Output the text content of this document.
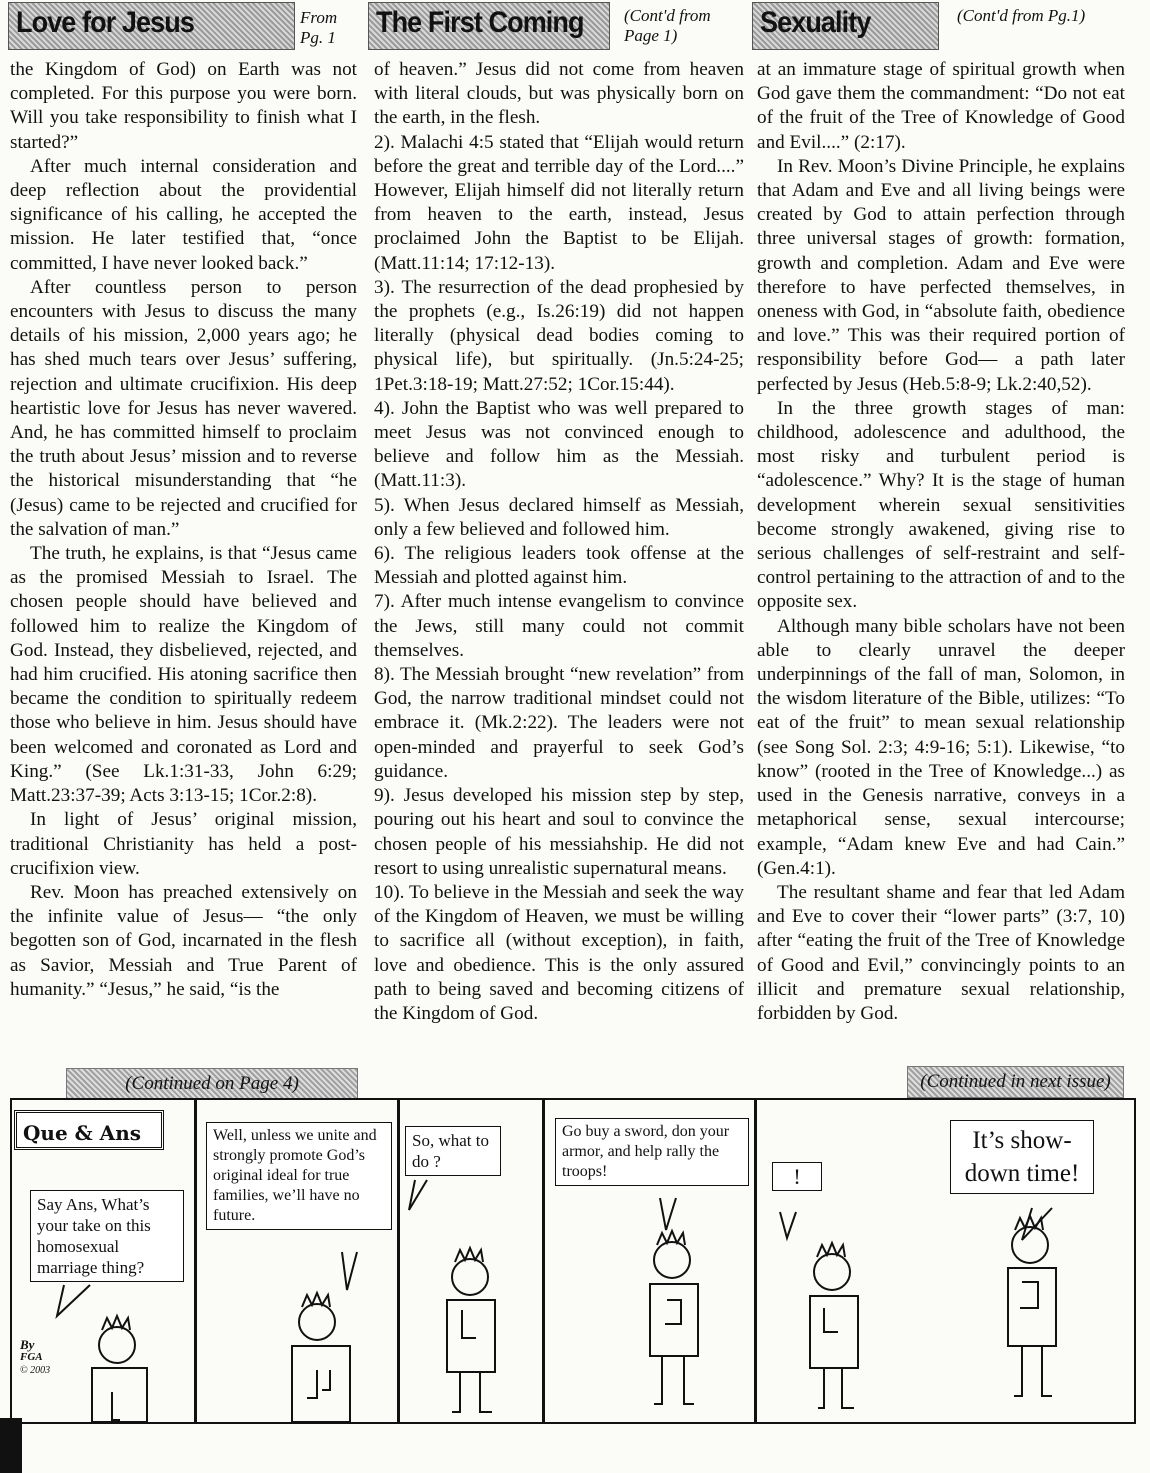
Love for Jesus	From Pg. 1	The First Coming (Cont'd from Page 1)	Sexuality	(Cont'd from Pg.1)

the Kingdom of God) on Earth was not completed. For this purpose you were born. Will you take responsibility to finish what I started?”

After much internal consideration and deep reflection about the providential significance of his calling, he accepted the mission. He later testified that, “once committed, I have never looked back.”

After countless person to person encounters with Jesus to discuss the many details of his mission, 2,000 years ago; he has shed much tears over Jesus’ suffering, rejection and ultimate crucifixion. His deep heartistic love for Jesus has never wavered. And, he has committed himself to proclaim the truth about Jesus’ mission and to reverse the historical misunderstanding that “he (Jesus) came to be rejected and crucified for the salvation of man.”

The truth, he explains, is that “Jesus came as the promised Messiah to Israel. The chosen people should have believed and followed him to realize the Kingdom of God. Instead, they disbelieved, rejected, and had him crucified. His atoning sacrifice then became the condition to spiritually redeem those who believe in him. Jesus should have been welcomed and coronated as Lord and King.” (See Lk.1:31-33, John 6:29; Matt.23:37-39; Acts 3:13-15; 1Cor.2:8).

In light of Jesus’ original mission, traditional Christianity has held a post-crucifixion view.

Rev. Moon has preached extensively on the infinite value of Jesus— “the only begotten son of God, incarnated in the flesh as Savior, Messiah and True Parent of humanity.” “Jesus,” he said, “is the

of heaven.” Jesus did not come from heaven with literal clouds, but was physically born on the earth, in the flesh.

2). Malachi 4:5 stated that “Elijah would return before the great and terrible day of the Lord....” However, Elijah himself did not literally return from heaven to the earth, instead, Jesus proclaimed John the Baptist to be Elijah. (Matt.11:14; 17:12-13).

3). The resurrection of the dead prophesied by the prophets (e.g., Is.26:19) did not happen literally (physical dead bodies coming to physical life), but spiritually. (Jn.5:24-25; 1Pet.3:18-19; Matt.27:52; 1Cor.15:44).

4). John the Baptist who was well prepared to meet Jesus was not convinced enough to believe and follow him as the Messiah. (Matt.11:3).

5). When Jesus declared himself as Messiah, only a few believed and followed him.

6). The religious leaders took offense at the Messiah and plotted against him.

7). After much intense evangelism to convince the Jews, still many could not commit themselves.

8). The Messiah brought “new revelation” from God, the narrow traditional mindset could not embrace it. (Mk.2:22). The leaders were not open-minded and prayerful to seek God’s guidance.

9). Jesus developed his mission step by step, pouring out his heart and soul to convince the chosen people of his messiahship. He did not resort to using unrealistic supernatural means.

10). To believe in the Messiah and seek the way of the Kingdom of Heaven, we must be willing to sacrifice all (without exception), in faith, love and obedience. This is the only assured path to being saved and becoming citizens of the Kingdom of God.

at an immature stage of spiritual growth when God gave them the commandment: “Do not eat of the fruit of the Tree of Knowledge of Good and Evil....” (2:17).

In Rev. Moon’s Divine Principle, he explains that Adam and Eve and all living beings were created by God to attain perfection through three universal stages of growth: formation, growth and completion. Adam and Eve were therefore to have perfected themselves, in oneness with God, in “absolute faith, obedience and love.” This was their required portion of responsibility before God— a path later perfected by Jesus (Heb.5:8-9; Lk.2:40,52).

In the three growth stages of man: childhood, adolescence and adulthood, the most risky and turbulent period is “adolescence.” Why? It is the stage of human development wherein sexual sensitivities become strongly awakened, giving rise to serious challenges of self-restraint and self-control pertaining to the attraction of and to the opposite sex.

Although many bible scholars have not been able to clearly unravel the deeper underpinnings of the fall of man, Solomon, in the wisdom literature of the Bible, utilizes: “To eat of the fruit” to mean sexual relationship (see Song Sol. 2:3; 4:9-16; 5:1). Likewise, “to know” (rooted in the Tree of Knowledge...) as used in the Genesis narrative, conveys in a metaphorical sense, sexual intercourse; example, “Adam knew Eve and had Cain.” (Gen.4:1).

The resultant shame and fear that led Adam and Eve to cover their “lower parts” (3:7, 10) after “eating the fruit of the Tree of Knowledge of Good and Evil,” convincingly points to an illicit and premature sexual relationship, forbidden by God.

(Continued on Page 4)	(Continued in next issue)
Que & Ans
Say Ans, What’s your take on this homosexual marriage thing?
Well, unless we unite and strongly promote God’s original ideal for true families, we’ll have no future.
So, what to do ?
Go buy a sword, don your armor, and help rally the troops!	!
It’s show-down time!
By
FGA
© 2003
